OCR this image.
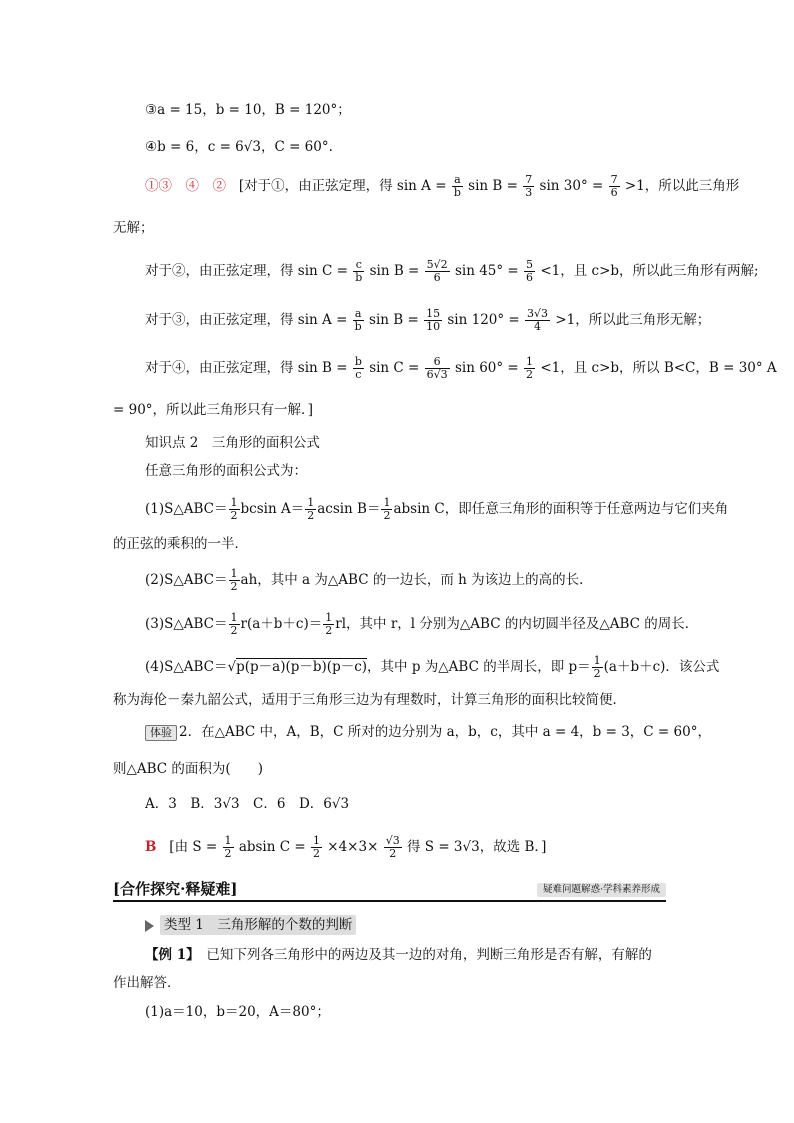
③a = 15，b = 10，B = 120°；
④b = 6，c = 6√3，C = 60°.
①③　④　② [对于①，由正弦定理，得 $\sin A = \frac{a}{b}$ $\sin B = \frac{7}{3}$ $\sin 30^\circ = \frac{7}{6} >1$，所以此三角形
无解；
对于②，由正弦定理，得 $\sin C = \frac{c}{b}$ $\sin B = \frac{5√2}{6}$ $\sin 45^\circ = \frac{5}{6} <1$，且 c>b，所以此三角形有两解;
对于③，由正弦定理，得 $\sin A = \frac{a}{b}$ $\sin B = \frac{15}{10}$ $\sin 120^\circ = \frac{3√3}{4} >1$，所以此三角形无解；
对于④，由正弦定理，得 $\sin B = \frac{b}{c}$ $\sin C = \frac{6}{6√3}$ $\sin 60^\circ = \frac{1}{2} <1$，且 c>b，所以 B<C，B = 30° A
= 90°，所以此三角形只有一解．]
知识点 2　三角形的面积公式
任意三角形的面积公式为：
(1)S△ABC＝ $\frac{1}{2}$ bcsin $A= \frac{1}{2}$ acsin $B= \frac{1}{2}$ absin C，即任意三角形的面积等于任意两边与它们夹角
的正弦的乘积的一半．
(2)S△ABC＝ $\frac{1}{2}$ ah，其中 a 为△ABC 的一边长，而 h 为该边上的高的长．
(3)S△ABC＝ $\frac{1}{2} r(a+b+c)= \frac{1}{2}$ rl，其中 r，l 分别为△ABC 的内切圆半径及△ABC 的周长．
(4)S△ABC＝√p(p－a)(p－b)(p－c)，其中 p 为△ABC 的半周长，即 $p= \frac{1}{2} (a+b+c)$．该公式
称为海伦－秦九韶公式，适用于三角形三边为有理数时，计算三角形的面积比较简便．
体验 2．在△ABC 中，A，B，C 所对的边分别为 a，b，c，其中 a = 4，b = 3，C = 60°，
则△ABC 的面积为(　　)
A．3　B．3√3　C．6　D．6√3
B [由 $S = \frac{1}{2}$ absin $C = \frac{1}{2} \times 4\times 3\times \frac{√3}{2}$ 得 S = 3√3，故选 B．]
[合作探究·释疑难]	疑难问题解惑·学科素养形成
类型 1　三角形解的个数的判断
【例 1】　已知下列各三角形中的两边及其一边的对角，判断三角形是否有解，有解的
作出解答．
(1)a＝10，b＝20，A＝80°；
